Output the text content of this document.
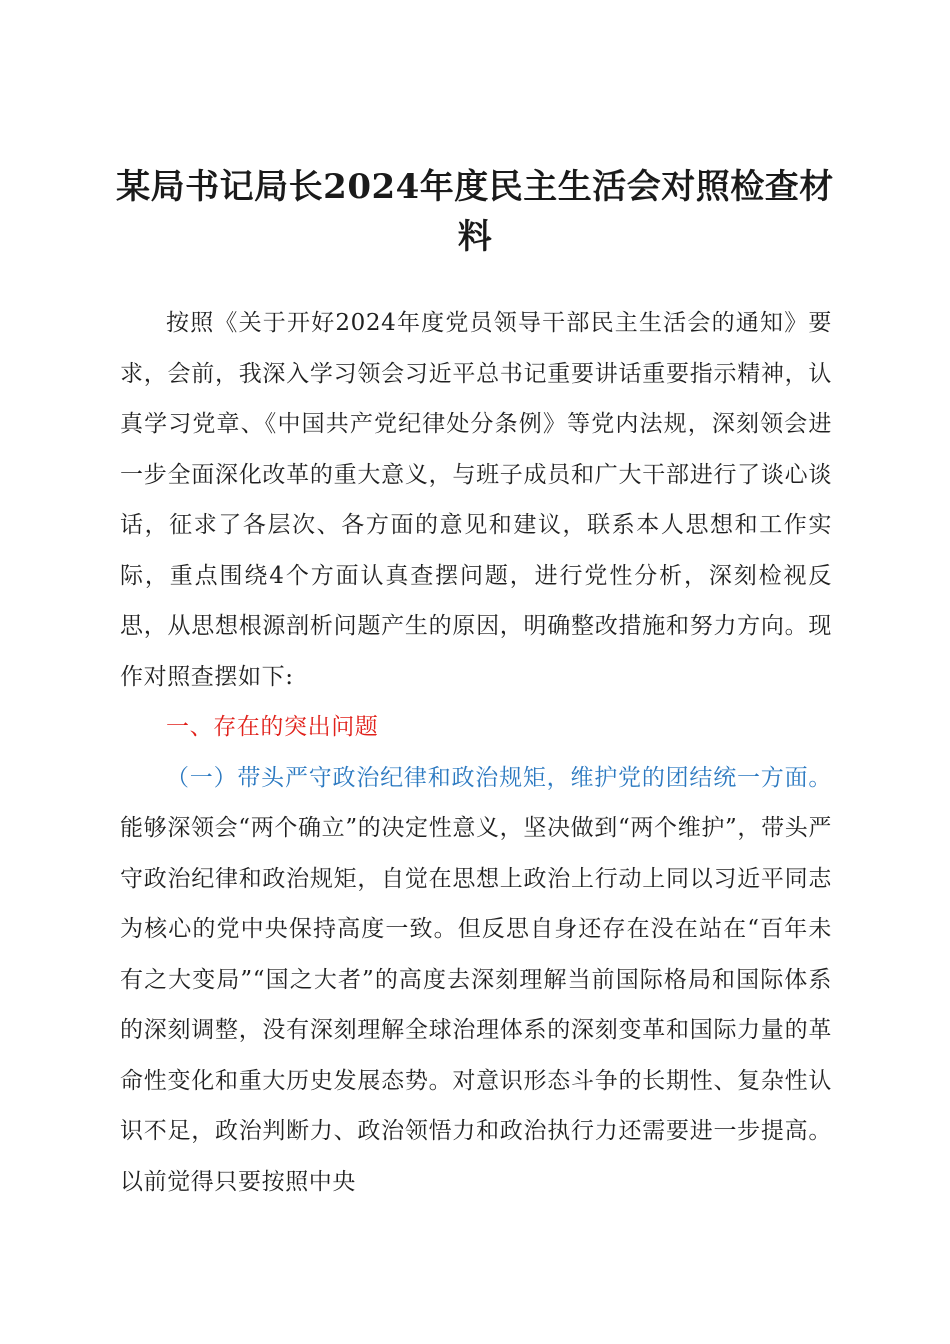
某局书记局长2024年度民主生活会对照检查材料

按照《关于开好2024年度党员领导干部民主生活会的通知》要求，会前，我深入学习领会习近平总书记重要讲话重要指示精神，认真学习党章、《中国共产党纪律处分条例》等党内法规，深刻领会进一步全面深化改革的重大意义，与班子成员和广大干部进行了谈心谈话，征求了各层次、各方面的意见和建议，联系本人思想和工作实际，重点围绕4个方面认真查摆问题，进行党性分析，深刻检视反思，从思想根源剖析问题产生的原因，明确整改措施和努力方向。现作对照查摆如下:

一、存在的突出问题

（一）带头严守政治纪律和政治规矩，维护党的团结统一方面。能够深领会“两个确立”的决定性意义，坚决做到“两个维护”，带头严守政治纪律和政治规矩，自觉在思想上政治上行动上同以习近平同志为核心的党中央保持高度一致。但反思自身还存在没在站在“百年未有之大变局”“国之大者”的高度去深刻理解当前国际格局和国际体系的深刻调整，没有深刻理解全球治理体系的深刻变革和国际力量的革命性变化和重大历史发展态势。对意识形态斗争的长期性、复杂性认识不足，政治判断力、政治领悟力和政治执行力还需要进一步提高。以前觉得只要按照中央
